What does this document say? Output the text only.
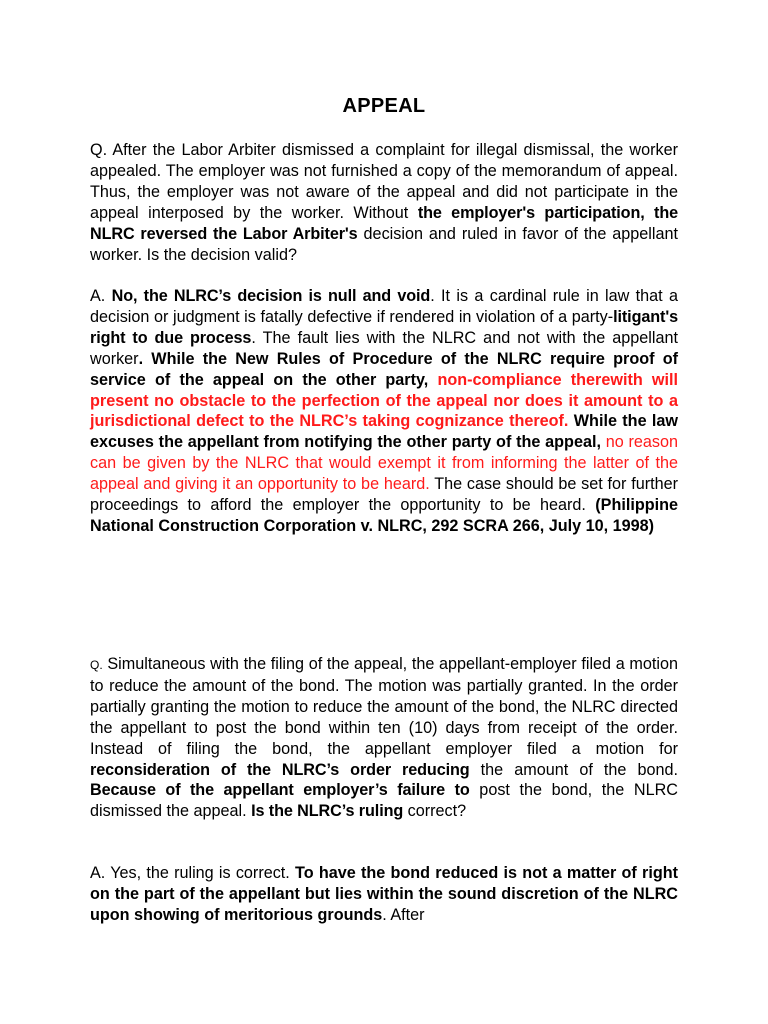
APPEAL

Q. After the Labor Arbiter dismissed a complaint for illegal dismissal, the worker appealed. The employer was not furnished a copy of the memorandum of appeal. Thus, the employer was not aware of the appeal and did not participate in the appeal interposed by the worker. Without the employer's participation, the NLRC reversed the Labor Arbiter's decision and ruled in favor of the appellant worker. Is the decision valid?

A. No, the NLRC’s decision is null and void. It is a cardinal rule in law that a decision or judgment is fatally defective if rendered in violation of a party-litigant's right to due process. The fault lies with the NLRC and not with the appellant worker. While the New Rules of Procedure of the NLRC require proof of service of the appeal on the other party, non-compliance therewith will present no obstacle to the perfection of the appeal nor does it amount to a jurisdictional defect to the NLRC’s taking cognizance thereof. While the law excuses the appellant from notifying the other party of the appeal, no reason can be given by the NLRC that would exempt it from informing the latter of the appeal and giving it an opportunity to be heard. The case should be set for further proceedings to afford the employer the opportunity to be heard. (Philippine National Construction Corporation v. NLRC, 292 SCRA 266, July 10, 1998)

Q. Simultaneous with the filing of the appeal, the appellant-employer filed a motion to reduce the amount of the bond. The motion was partially granted. In the order partially granting the motion to reduce the amount of the bond, the NLRC directed the appellant to post the bond within ten (10) days from receipt of the order. Instead of filing the bond, the appellant employer filed a motion for reconsideration of the NLRC’s order reducing the amount of the bond. Because of the appellant employer’s failure to post the bond, the NLRC dismissed the appeal. Is the NLRC’s ruling correct?

A. Yes, the ruling is correct. To have the bond reduced is not a matter of right on the part of the appellant but lies within the sound discretion of the NLRC upon showing of meritorious grounds. After
